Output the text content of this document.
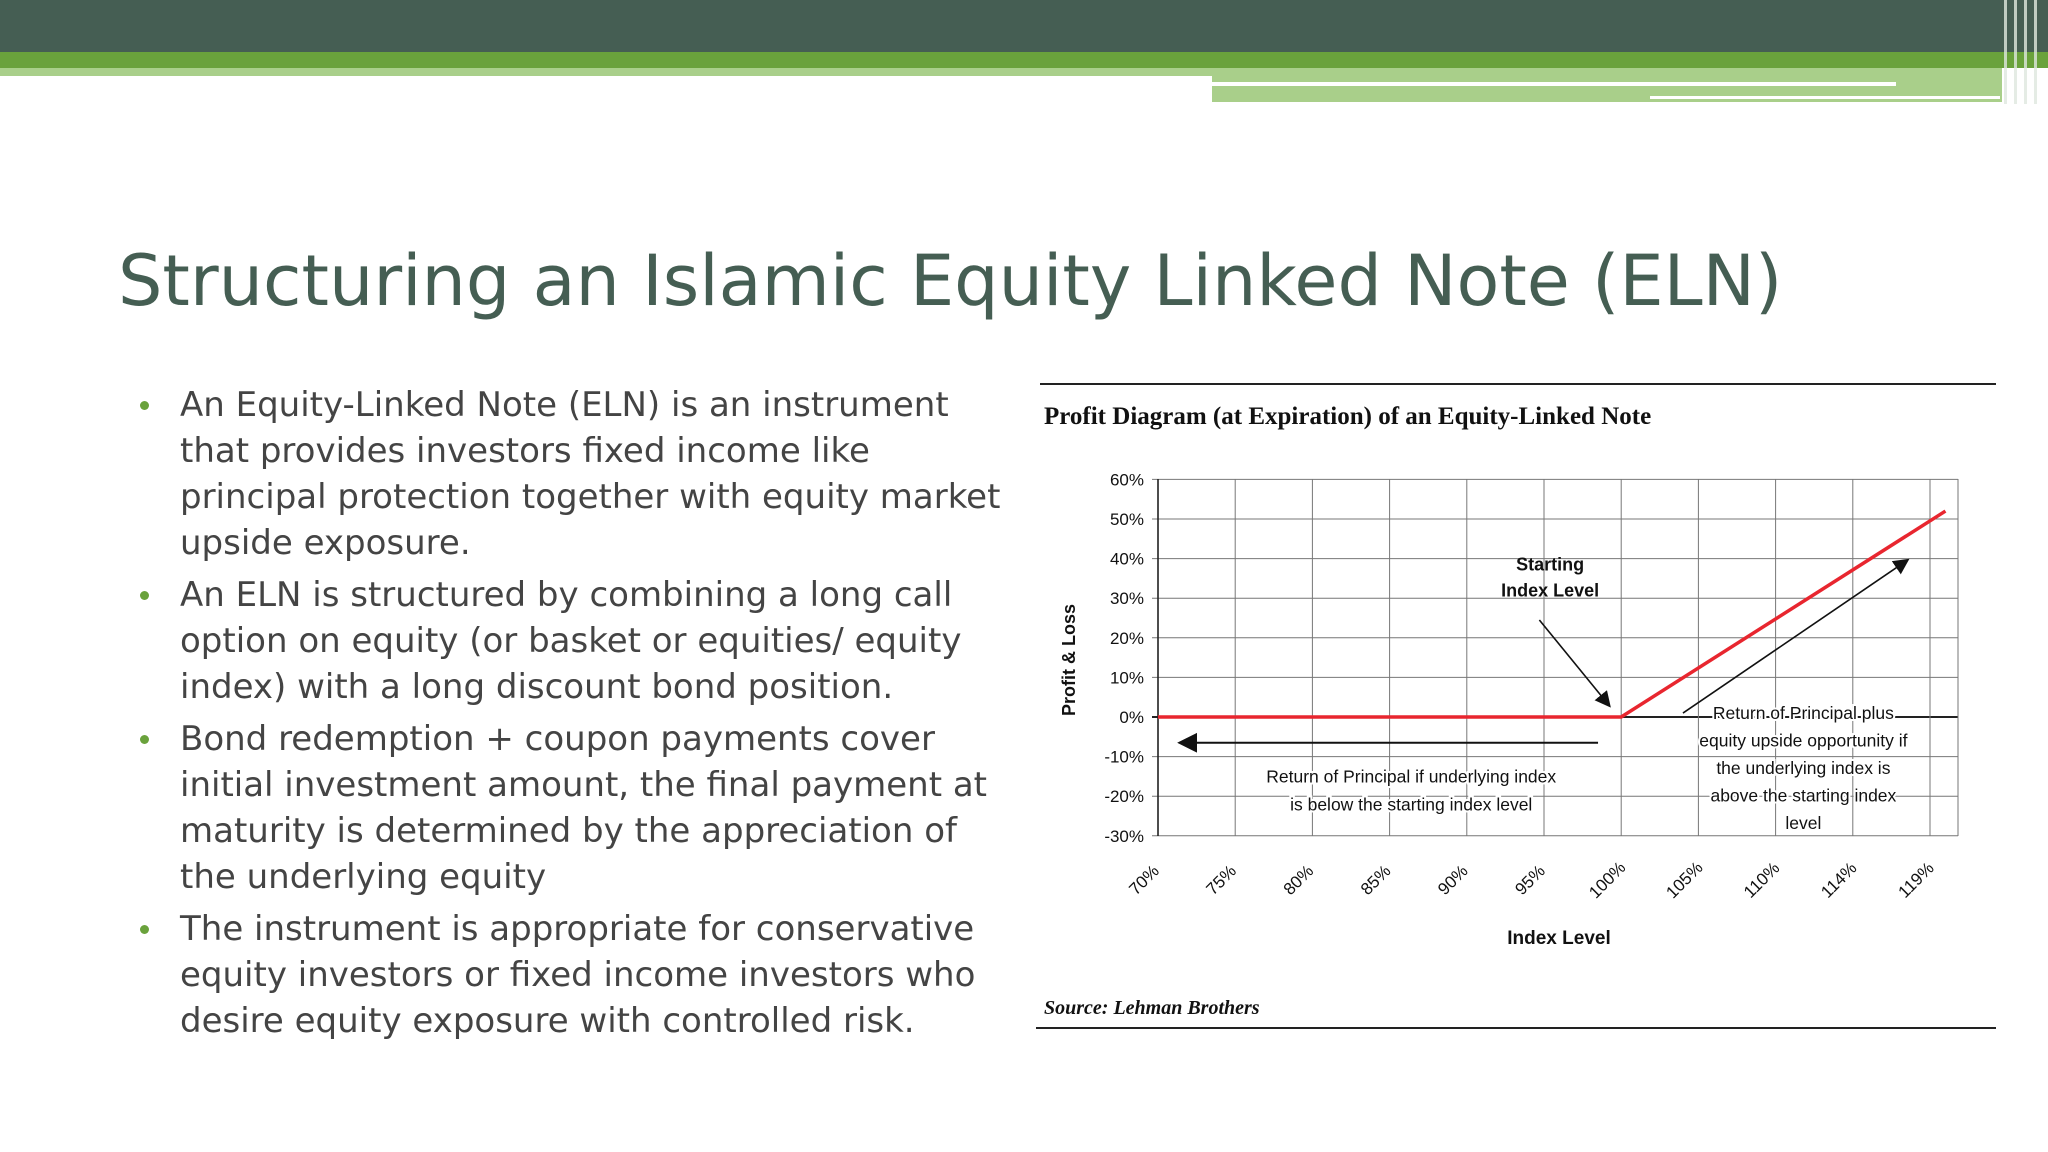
Structuring an Islamic Equity Linked Note (ELN)
An Equity-Linked Note (ELN) is an instrument that provides investors fixed income like principal protection together with equity market upside exposure.
An ELN is structured by combining a long call option on equity (or basket or equities/ equity index) with a long discount bond position.
Bond redemption + coupon payments cover initial investment amount, the final payment at maturity is determined by the appreciation of the underlying equity
The instrument is appropriate for conservative equity investors or fixed income investors who desire equity exposure with controlled risk.
Profit Diagram (at Expiration) of an Equity-Linked Note
Source: Lehman Brothers
Profit & Loss
Index Level
60%
50%
40%
30%
20%
10%
0%
-10%
-20%
-30%
70% 75% 80% 85% 90% 95% 100% 105% 110% 114% 119%
Starting
Index Level
Return of Principal if underlying index
is below the starting index level
Return of Principal plus
equity upside opportunity if
the underlying index is
above the starting index
level
